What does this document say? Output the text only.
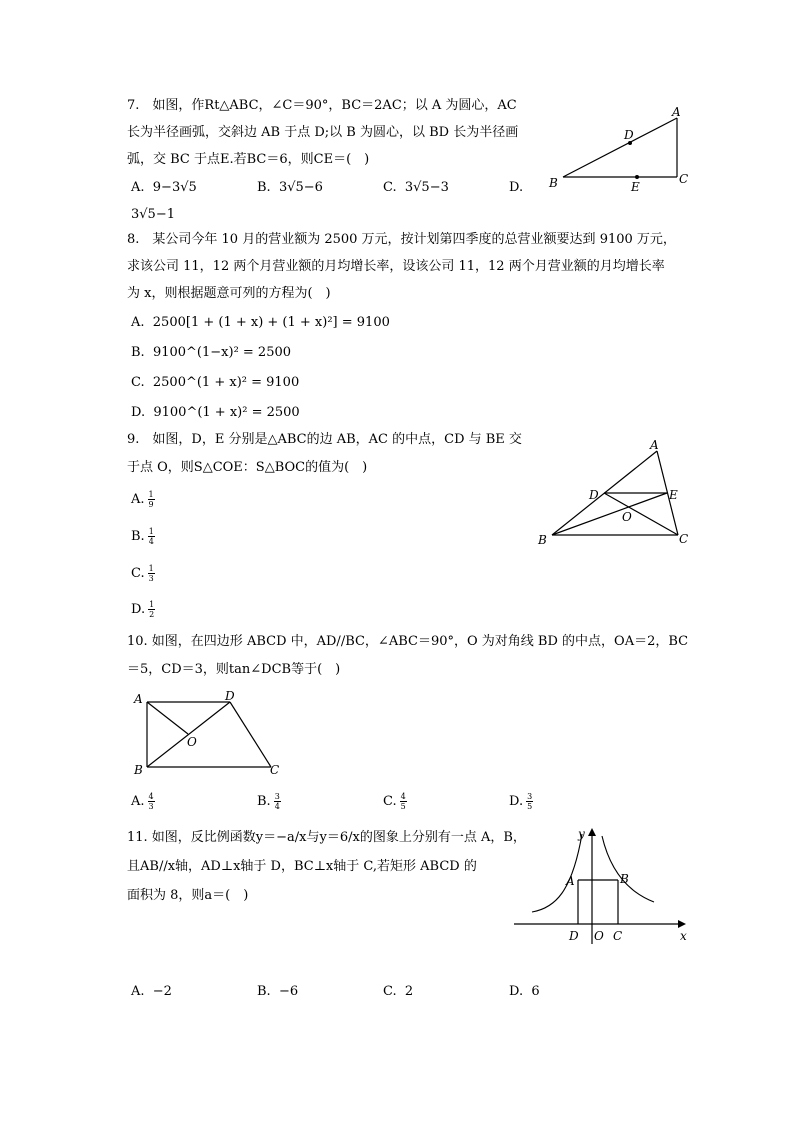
7.　如图，作Rt△ABC，∠C＝90°，BC＝2AC；以 A 为圆心，AC
长为半径画弧，交斜边 AB 于点 D;以 B 为圆心，以 BD 长为半径画
弧，交 BC 于点E.若BC＝6，则CE＝(　)
A.  9−3√5	B.  3√5−6	C.  3√5−3	D.
3√5−1
A
B	C
D
E
8.　某公司今年 10 月的营业额为 2500 万元，按计划第四季度的总营业额要达到 9100 万元，
求该公司 11，12 两个月营业额的月均增长率，设该公司 11，12 两个月营业额的月均增长率
为 x，则根据题意可列的方程为(　)
A.  2500[1 + (1 + x) + (1 + x)²] = 9100
B.  9100^(1−x)² = 2500
C.  2500^(1 + x)² = 9100
D.  9100^(1 + x)² = 2500
9.　如图，D，E 分别是△ABC的边 AB，AC 的中点，CD 与 BE 交
于点 O，则S△COE：S△BOC的值为(　)
A. $\frac{1}{9}$
B. $\frac{1}{4}$
C. $\frac{1}{3}$
D. $\frac{1}{2}$
A
B	C
D	E
O
10. 如图，在四边形 ABCD 中，AD//BC，∠ABC＝90°，O 为对角线 BD 的中点，OA＝2，BC
＝5，CD＝3，则tan∠DCB等于(　)
A
B	C
D
O
A. $\frac{4}{3}$	B. $\frac{3}{4}$	C. $\frac{4}{5}$	D. $\frac{3}{5}$
11. 如图，反比例函数y＝−a/x与y＝6/x的图象上分别有一点 A，B，
且AB//x轴，AD⊥x轴于 D，BC⊥x轴于 C,若矩形 ABCD 的
面积为 8，则a＝(　)
y
A	B
D O C	x
A.  −2	B.  −6	C.  2	D.  6
